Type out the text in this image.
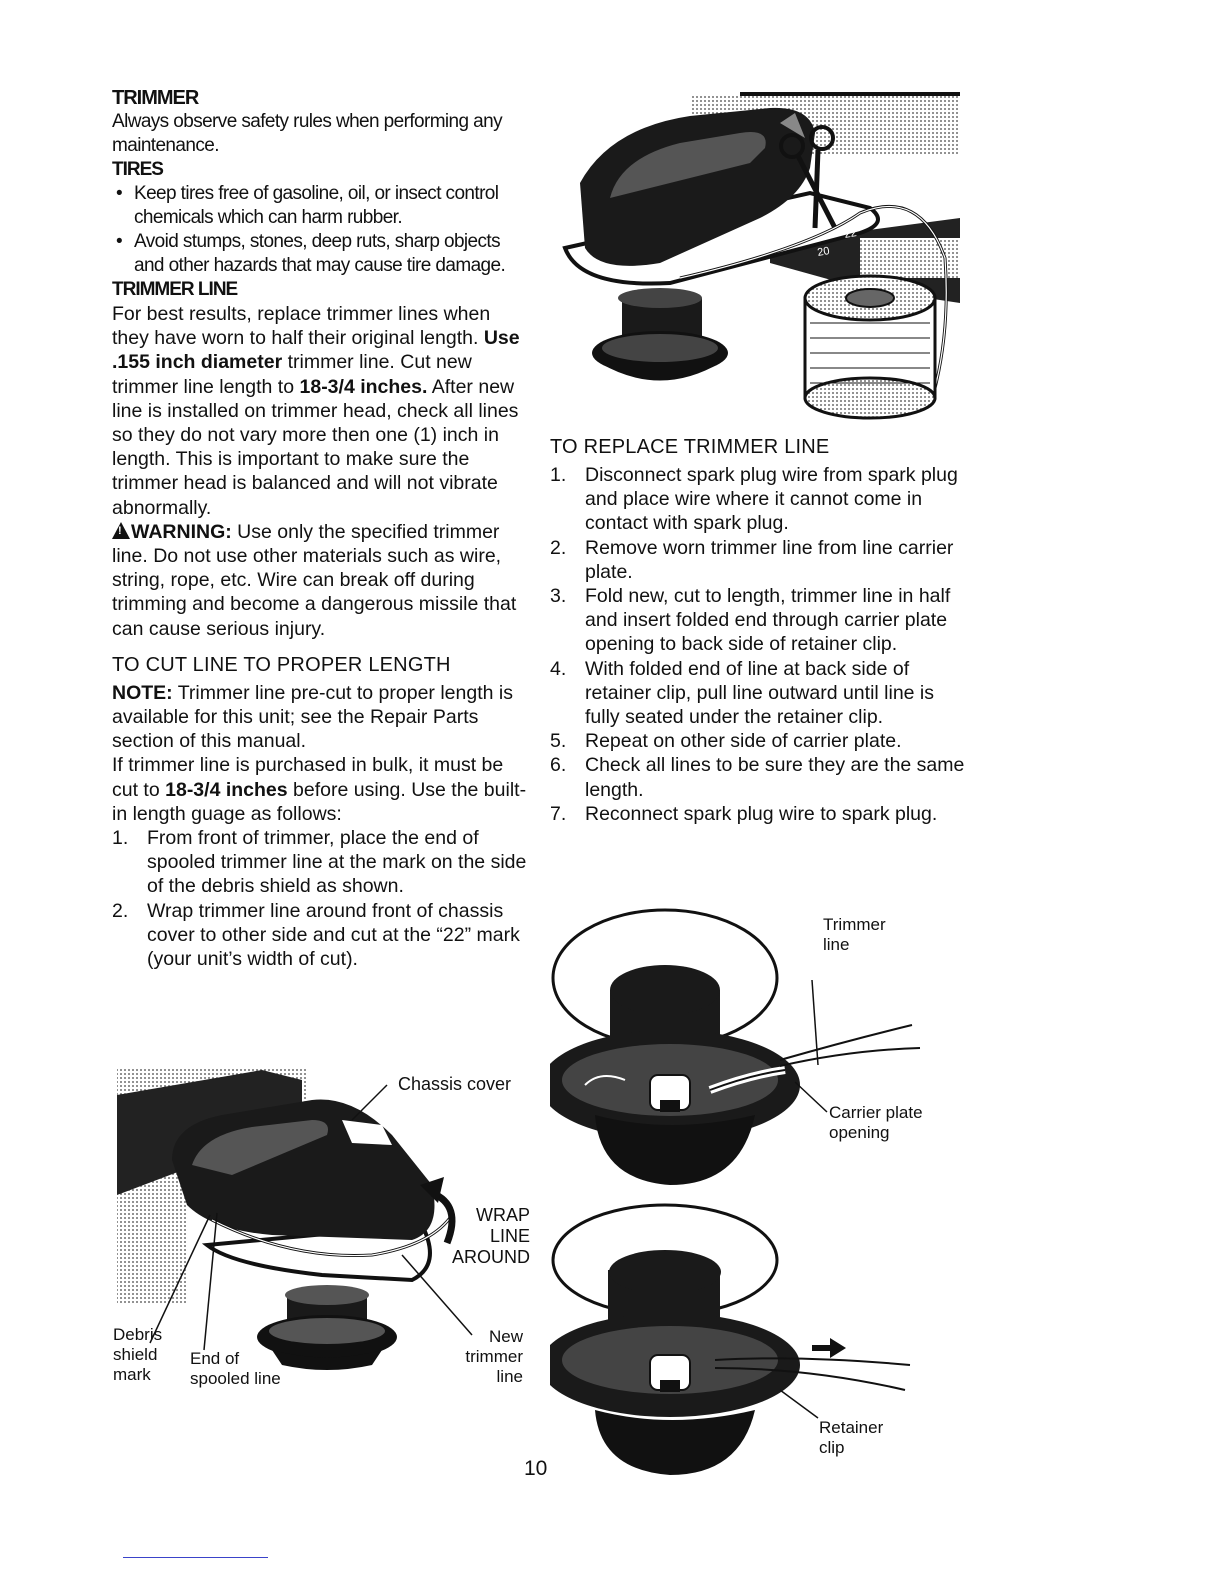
TRIMMER

Always observe safety rules when performing any maintenance.

TIRES

• Keep tires free of gasoline, oil, or insect control chemicals which can harm rubber.
• Avoid stumps, stones, deep ruts, sharp objects and other hazards that may cause tire damage.

TRIMMER LINE

For best results, replace trimmer lines when they have worn to half their original length. Use .155 inch diameter trimmer line. Cut new trimmer line length to 18-3/4 inches. After new line is installed on trimmer head, check all lines so they do not vary more then one (1) inch in length. This is important to make sure the trimmer head is balanced and will not vibrate abnormally.

!WARNING: Use only the specified trimmer line. Do not use other materials such as wire, string, rope, etc. Wire can break off during trimming and become a dangerous missile that can cause serious injury.

TO CUT LINE TO PROPER LENGTH

NOTE: Trimmer line pre-cut to proper length is available for this unit; see the Repair Parts section of this manual.

If trimmer line is purchased in bulk, it must be cut to 18-3/4 inches before using. Use the built-in length guage as follows:

1. From front of trimmer, place the end of spooled trimmer line at the mark on the side of the debris shield as shown.
2. Wrap trimmer line around front of chassis cover to other side and cut at the “22” mark (your unit’s width of cut).

TO REPLACE TRIMMER LINE

1. Disconnect spark plug wire from spark plug and place wire where it cannot come in contact with spark plug.
2. Remove worn trimmer line from line carrier plate.
3. Fold new, cut to length, trimmer line in half and insert folded end through carrier plate opening to back side of retainer clip.
4. With folded end of line at back side of retainer clip, pull line outward until line is fully seated under the retainer clip.
5. Repeat on other side of carrier plate.
6. Check all lines to be sure they are the same length.
7. Reconnect spark plug wire to spark plug.
22
20
Chassis cover
WRAP
LINE
AROUND
Debris
shield
mark
End of
spooled line
New
trimmer
line
Trimmer
line
Carrier plate
opening
Retainer
clip
10
